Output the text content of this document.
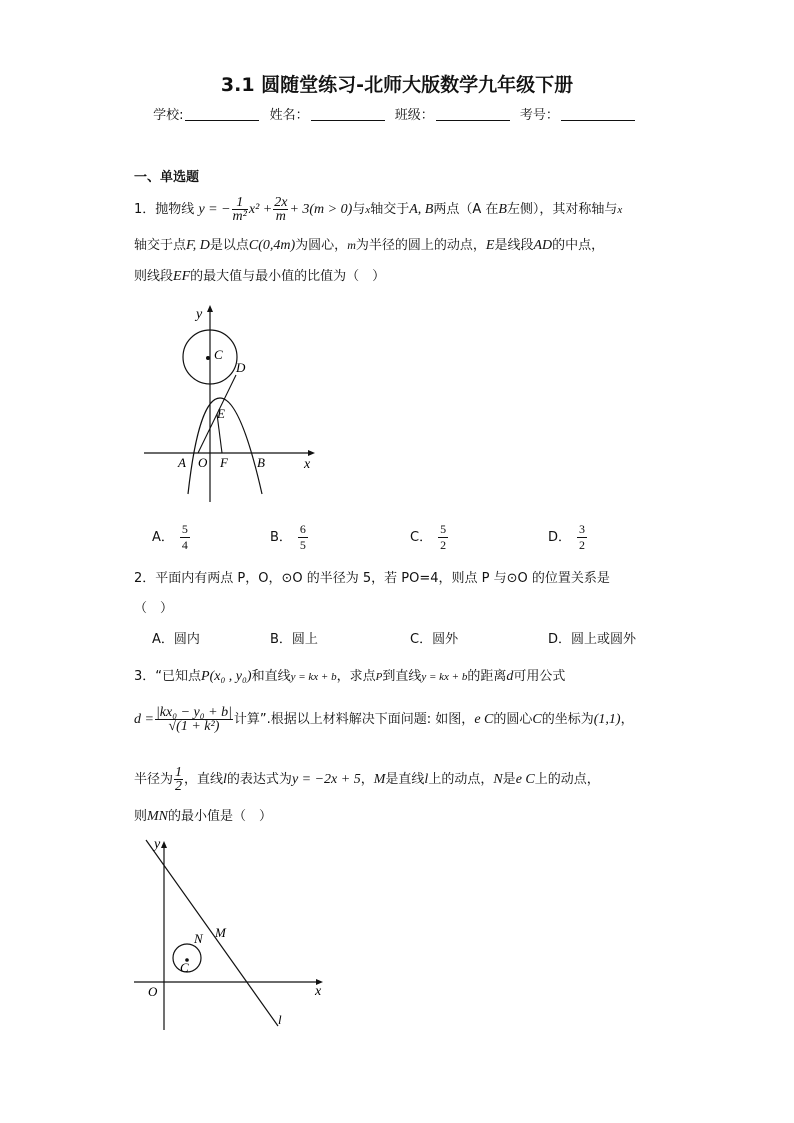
3.1 圆随堂练习-北师大版数学九年级下册
学校:	姓名：	班级：	考号：
一、单选题
1．抛物线 y = − $\frac{1}{\text{m²}} x^2 + \frac{2x}{m} + 3(m > 0)$与x轴交于A, B两点（A 在B左侧），其对称轴与x
轴交于点F, D是以点C(0,4m)为圆心，m为半径的圆上的动点，E是线段AD的中点，
则线段EF的最大值与最小值的比值为（　）
y
x
C
D
E
A O F B
A． $\frac{5}{4}$	B． $\frac{6}{5}$	C． $\frac{5}{2}$	D． $\frac{3}{2}$
2．平面内有两点 P，O，⊙O 的半径为 5，若 PO=4，则点 P 与⊙O 的位置关系是
（　）
A．圆内	B．圆上	C．圆外	D．圆上或圆外
3．“已知点P(x₀ , y₀)和直线y = kx + b，求点P到直线y = kx + b的距离d可用公式
$d = \frac{\text{|kx₀ − y₀ + b|}}{\text{√(1 + k²)}}$ 计算”.根据以上材料解决下面问题: 如图，e C的圆心C的坐标为(1,1)，
半径为 $\frac{1}{2}$ ，直线l的表达式为y = −2x + 5，M是直线l上的动点，N是e C上的动点，
则MN的最小值是（　）
y
x
O
N M
C
l
